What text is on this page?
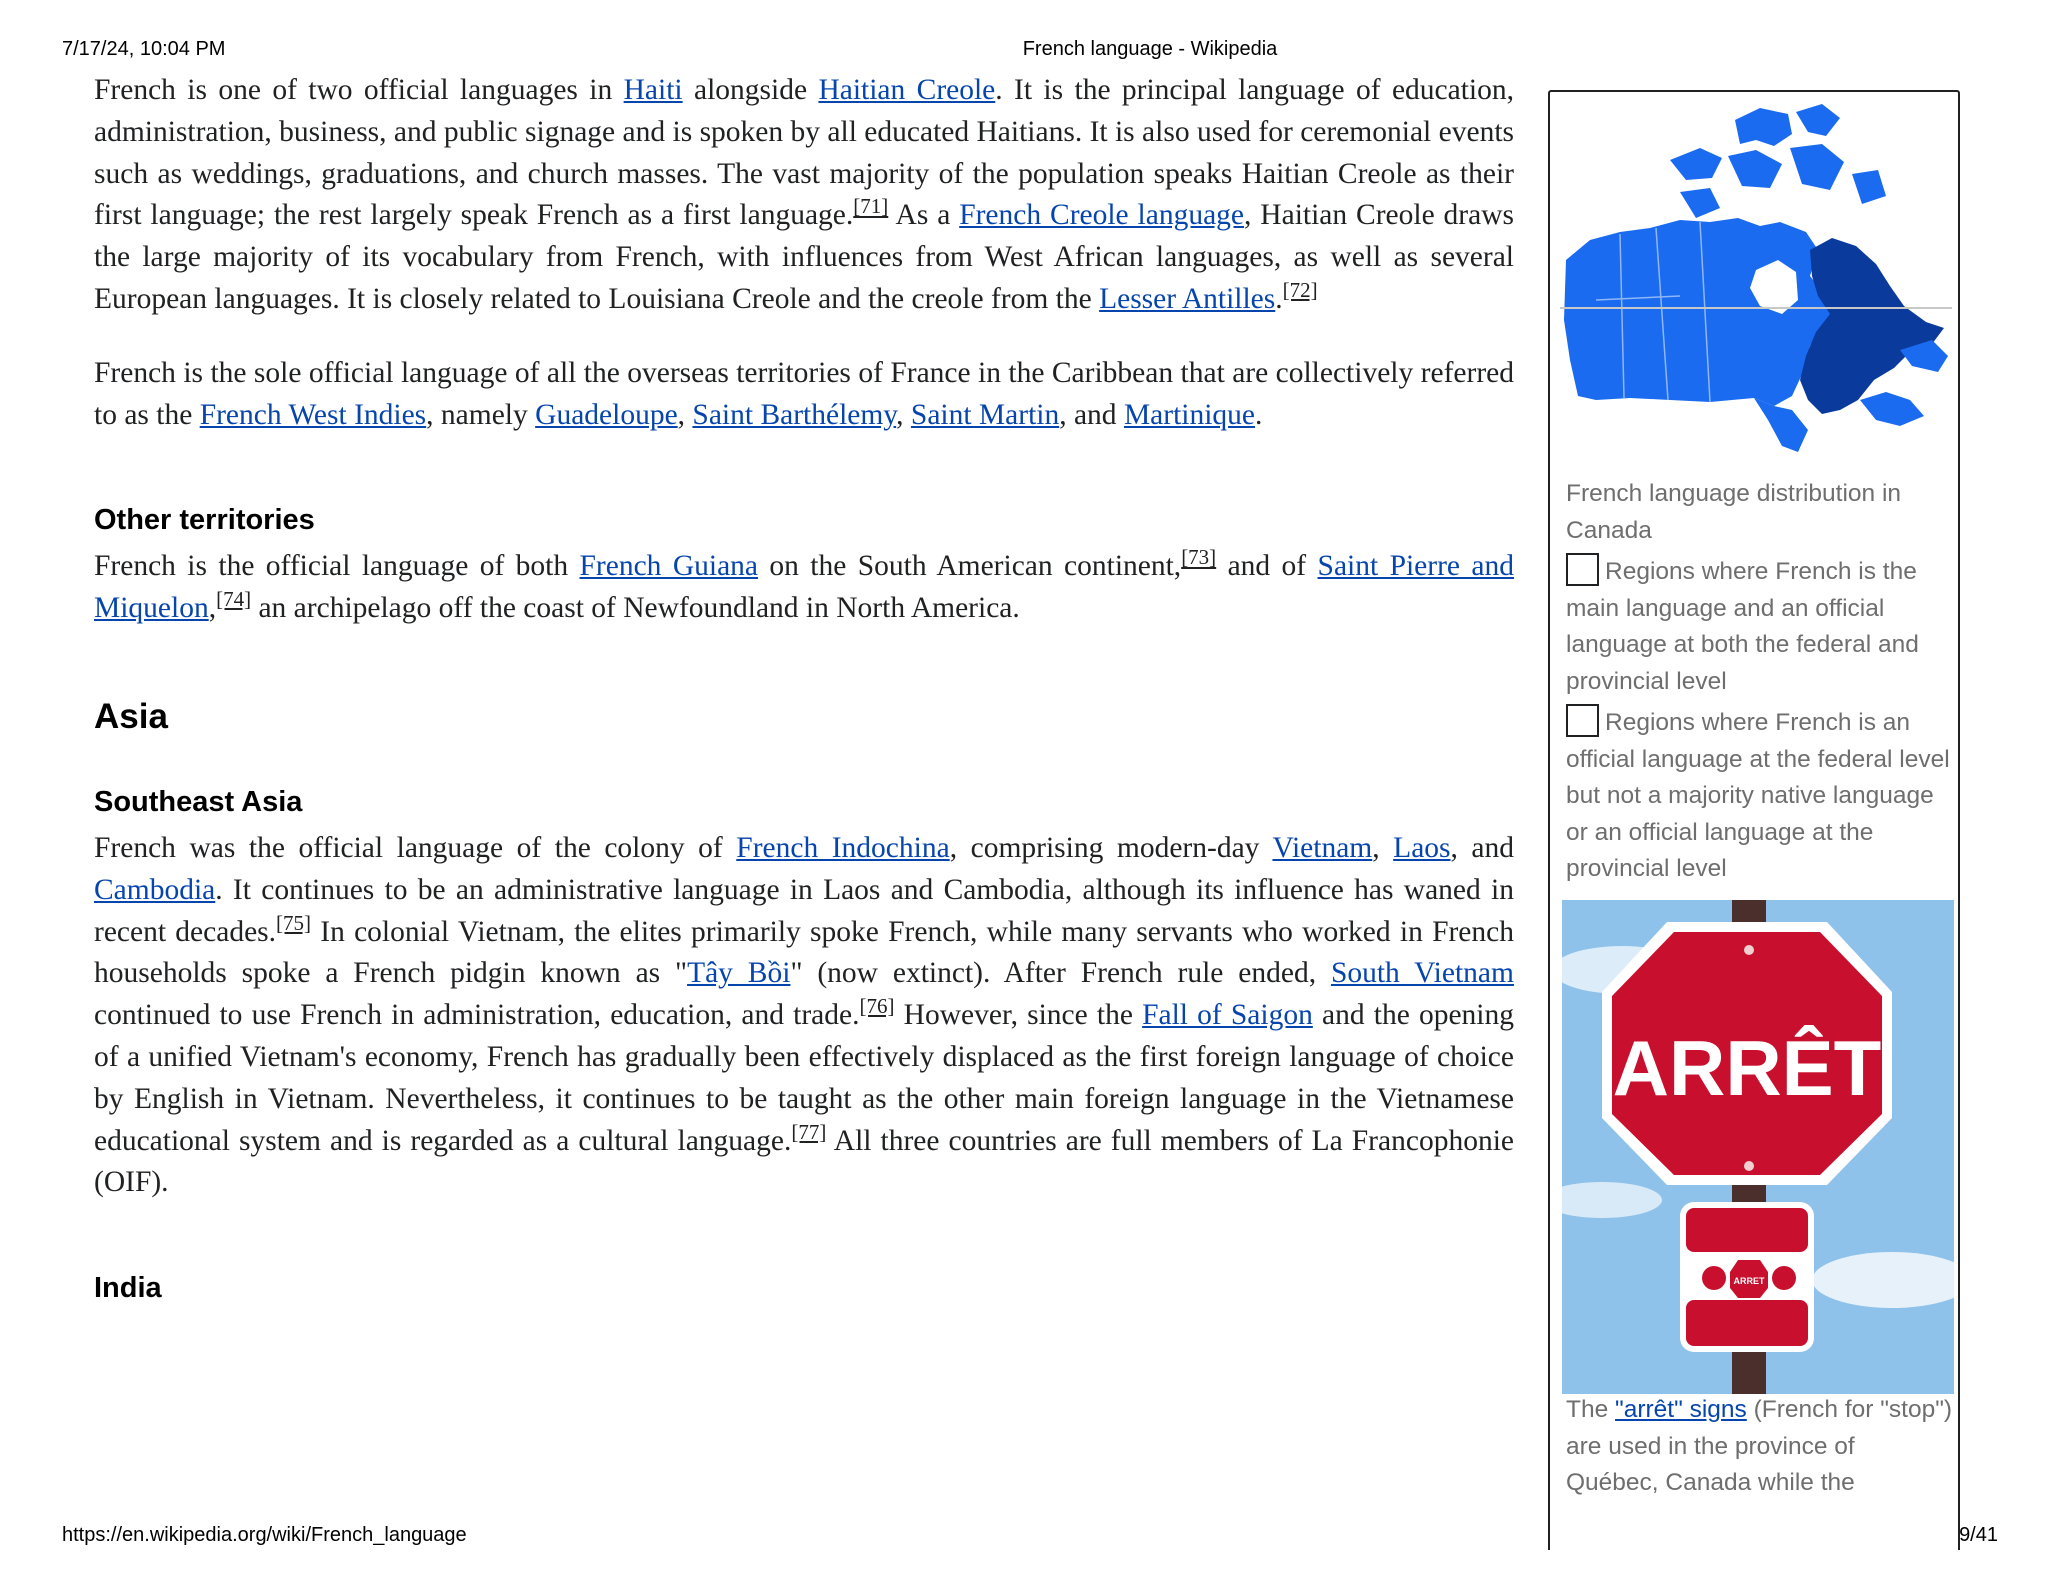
7/17/24, 10:04 PM	French language - Wikipedia

French is one of two official languages in Haiti alongside Haitian Creole. It is the principal language of education, administration, business, and public signage and is spoken by all educated Haitians. It is also used for ceremonial events such as weddings, graduations, and church masses. The vast majority of the population speaks Haitian Creole as their first language; the rest largely speak French as a first language.[71] As a French Creole language, Haitian Creole draws the large majority of its vocabulary from French, with influences from West African languages, as well as several European languages. It is closely related to Louisiana Creole and the creole from the Lesser Antilles.[72]

French is the sole official language of all the overseas territories of France in the Caribbean that are collectively referred to as the French West Indies, namely Guadeloupe, Saint Barthélemy, Saint Martin, and Martinique.

Other territories

French is the official language of both French Guiana on the South American continent,[73] and of Saint Pierre and Miquelon,[74] an archipelago off the coast of Newfoundland in North America.

Asia
Southeast Asia

French was the official language of the colony of French Indochina, comprising modern-day Vietnam, Laos, and Cambodia. It continues to be an administrative language in Laos and Cambodia, although its influence has waned in recent decades.[75] In colonial Vietnam, the elites primarily spoke French, while many servants who worked in French households spoke a French pidgin known as "Tây Bồi" (now extinct). After French rule ended, South Vietnam continued to use French in administration, education, and trade.[76] However, since the Fall of Saigon and the opening of a unified Vietnam's economy, French has gradually been effectively displaced as the first foreign language of choice by English in Vietnam. Nevertheless, it continues to be taught as the other main foreign language in the Vietnamese educational system and is regarded as a cultural language.[77] All three countries are full members of La Francophonie (OIF).

India
French language distribution in Canada
Regions where French is the main language and an official language at both the federal and provincial level
Regions where French is an official language at the federal level but not a majority native language or an official language at the provincial level
ARRÊT
ARRET
The "arrêt" signs (French for "stop") are used in the province of Québec, Canada while the
https://en.wikipedia.org/wiki/French_language	9/41
